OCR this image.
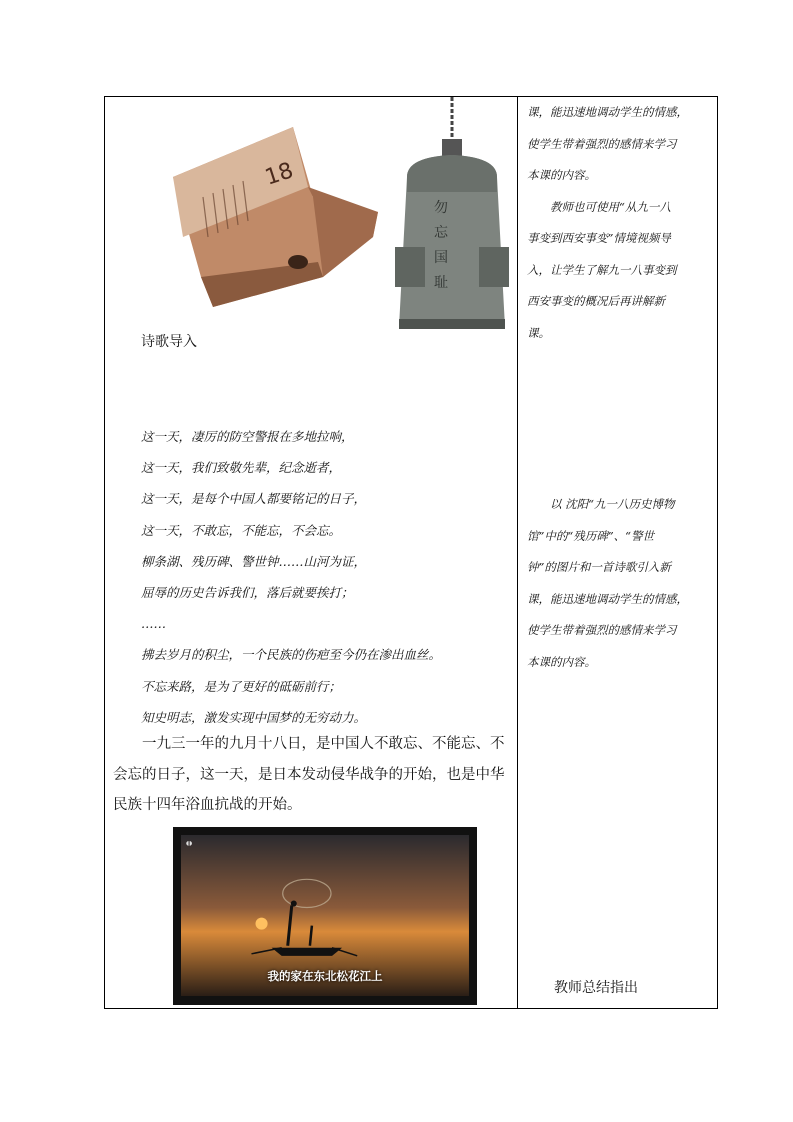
18
勿
忘
国
耻
诗歌导入
这一天，凄厉的防空警报在多地拉响，
这一天，我们致敬先辈，纪念逝者，
这一天，是每个中国人都要铭记的日子，
这一天，不敢忘，不能忘，不会忘。
柳条湖、残历碑、警世钟……山河为证，
屈辱的历史告诉我们，落后就要挨打；
……
拂去岁月的积尘，一个民族的伤疤至今仍在渗出血丝。
不忘来路，是为了更好的砥砺前行；
知史明志，激发实现中国梦的无穷动力。

一九三一年的九月十八日，是中国人不敢忘、不能忘、不会忘的日子，这一天，是日本发动侵华战争的开始，也是中华民族十四年浴血抗战的开始。

◖◗
我的家在东北松花江上

课，能迅速地调动学生的情感，

使学生带着强烈的感情来学习

本课的内容。

教师也可使用“从九一八

事变到西安事变”情境视频导

入，让学生了解九一八事变到

西安事变的概况后再讲解新

课。

以 沈阳“九一八历史博物

馆”中的“残历碑”、“警世

钟”的图片和一首诗歌引入新

课，能迅速地调动学生的情感，

使学生带着强烈的感情来学习

本课的内容。

教师总结指出
